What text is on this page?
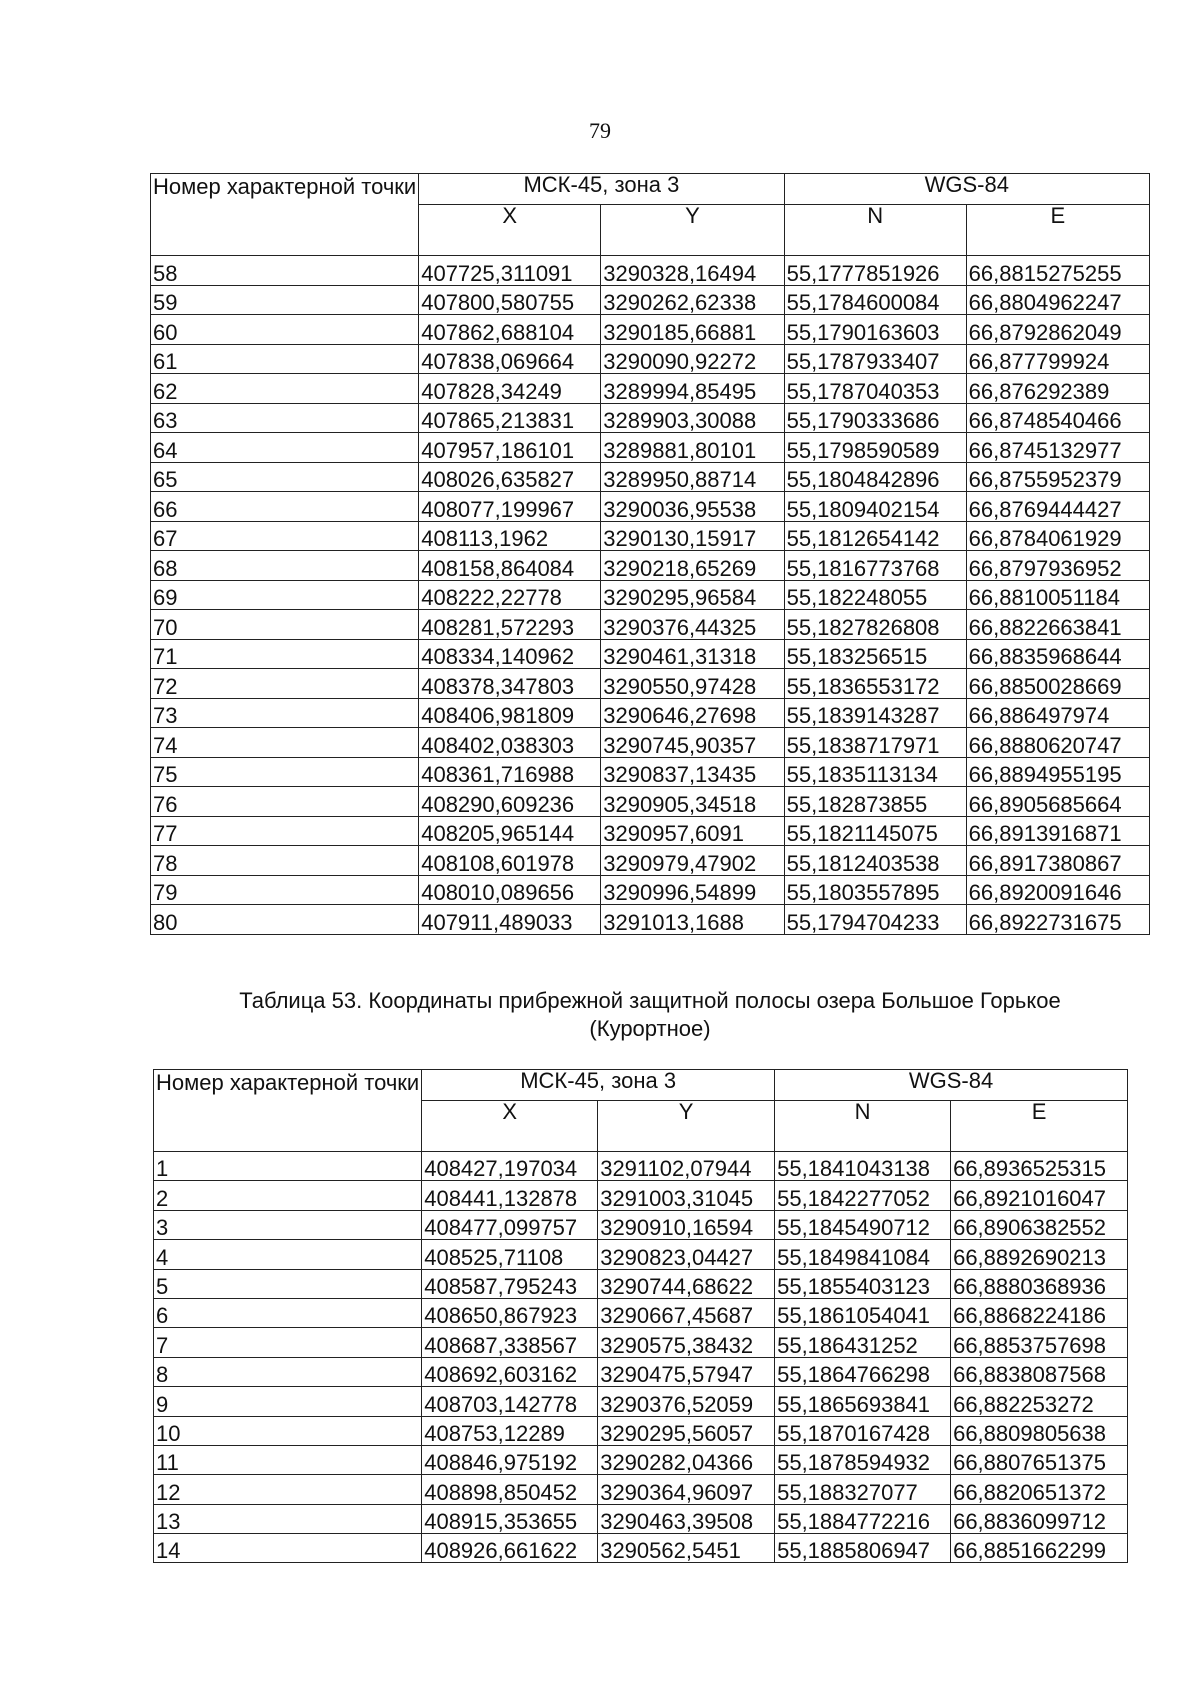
79
Номер характерной точки	МСК-45, зона 3		WGS-84	
	X	Y	N	E
58	407725,311091	3290328,16494	55,1777851926	66,8815275255
59	407800,580755	3290262,62338	55,1784600084	66,8804962247
60	407862,688104	3290185,66881	55,1790163603	66,8792862049
61	407838,069664	3290090,92272	55,1787933407	66,877799924
62	407828,34249	3289994,85495	55,1787040353	66,876292389
63	407865,213831	3289903,30088	55,1790333686	66,8748540466
64	407957,186101	3289881,80101	55,1798590589	66,8745132977
65	408026,635827	3289950,88714	55,1804842896	66,8755952379
66	408077,199967	3290036,95538	55,1809402154	66,8769444427
67	408113,1962	3290130,15917	55,1812654142	66,8784061929
68	408158,864084	3290218,65269	55,1816773768	66,8797936952
69	408222,22778	3290295,96584	55,182248055	66,8810051184
70	408281,572293	3290376,44325	55,1827826808	66,8822663841
71	408334,140962	3290461,31318	55,183256515	66,8835968644
72	408378,347803	3290550,97428	55,1836553172	66,8850028669
73	408406,981809	3290646,27698	55,1839143287	66,886497974
74	408402,038303	3290745,90357	55,1838717971	66,8880620747
75	408361,716988	3290837,13435	55,1835113134	66,8894955195
76	408290,609236	3290905,34518	55,182873855	66,8905685664
77	408205,965144	3290957,6091	55,1821145075	66,8913916871
78	408108,601978	3290979,47902	55,1812403538	66,8917380867
79	408010,089656	3290996,54899	55,1803557895	66,8920091646
80	407911,489033	3291013,1688	55,1794704233	66,8922731675
Таблица 53. Координаты прибрежной защитной полосы озера Большое Горькое
(Курортное)
Номер характерной точки	МСК-45, зона 3		WGS-84	
	X	Y	N	E
1	408427,197034	3291102,07944	55,1841043138	66,8936525315
2	408441,132878	3291003,31045	55,1842277052	66,8921016047
3	408477,099757	3290910,16594	55,1845490712	66,8906382552
4	408525,71108	3290823,04427	55,1849841084	66,8892690213
5	408587,795243	3290744,68622	55,1855403123	66,8880368936
6	408650,867923	3290667,45687	55,1861054041	66,8868224186
7	408687,338567	3290575,38432	55,186431252	66,8853757698
8	408692,603162	3290475,57947	55,1864766298	66,8838087568
9	408703,142778	3290376,52059	55,1865693841	66,882253272
10	408753,12289	3290295,56057	55,1870167428	66,8809805638
11	408846,975192	3290282,04366	55,1878594932	66,8807651375
12	408898,850452	3290364,96097	55,188327077	66,8820651372
13	408915,353655	3290463,39508	55,1884772216	66,8836099712
14	408926,661622	3290562,5451	55,1885806947	66,8851662299
